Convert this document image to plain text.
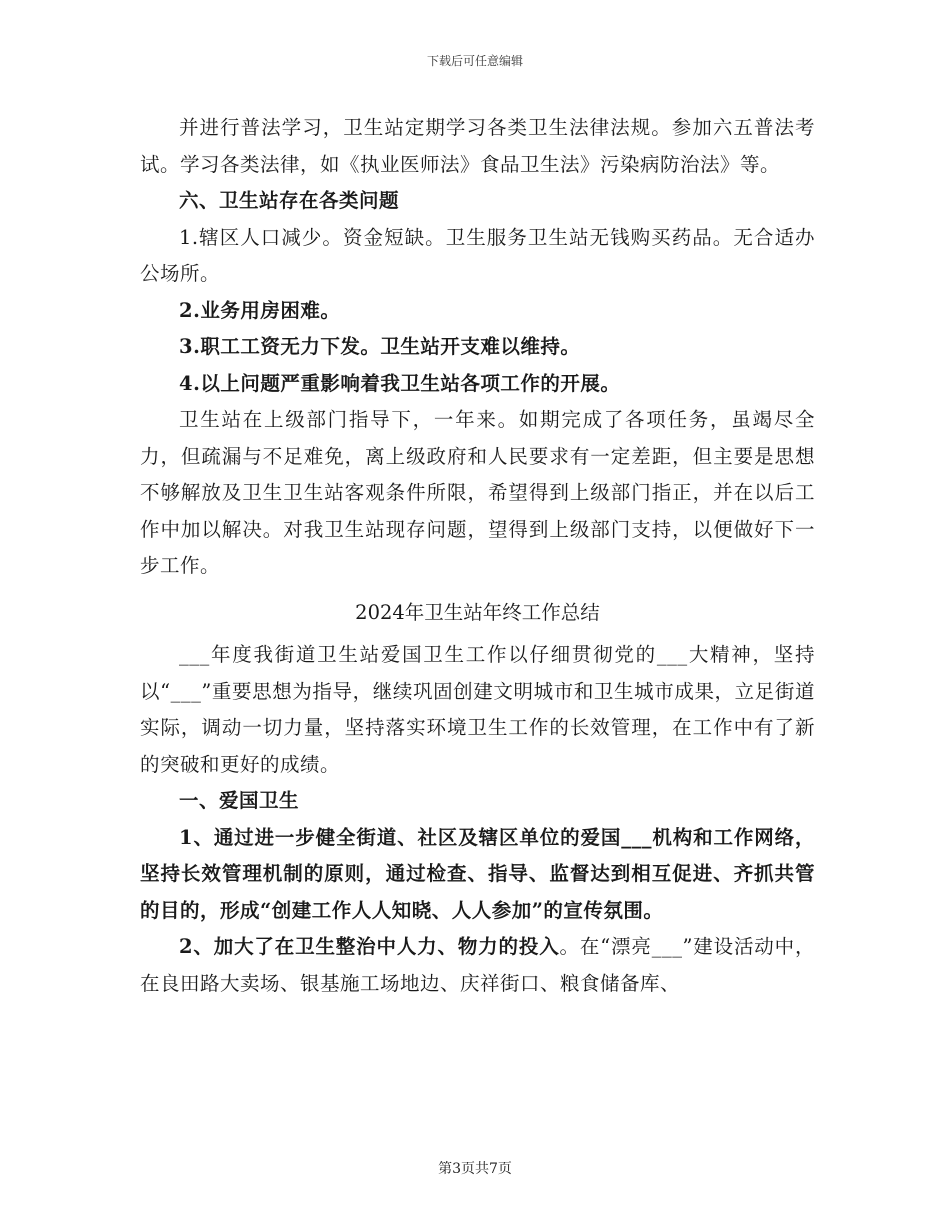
下载后可任意编辑

并进行普法学习，卫生站定期学习各类卫生法律法规。参加六五普法考试。学习各类法律，如《执业医师法》食品卫生法》污染病防治法》等。

六、卫生站存在各类问题

1.辖区人口减少。资金短缺。卫生服务卫生站无钱购买药品。无合适办公场所。

2.业务用房困难。

3.职工工资无力下发。卫生站开支难以维持。

4.以上问题严重影响着我卫生站各项工作的开展。

卫生站在上级部门指导下，一年来。如期完成了各项任务，虽竭尽全力，但疏漏与不足难免，离上级政府和人民要求有一定差距，但主要是思想不够解放及卫生卫生站客观条件所限，希望得到上级部门指正，并在以后工作中加以解决。对我卫生站现存问题，望得到上级部门支持，以便做好下一步工作。

2024年卫生站年终工作总结

___年度我街道卫生站爱国卫生工作以仔细贯彻党的___大精神，坚持以“___”重要思想为指导，继续巩固创建文明城市和卫生城市成果，立足街道实际，调动一切力量，坚持落实环境卫生工作的长效管理，在工作中有了新的突破和更好的成绩。

一、爱国卫生

1、通过进一步健全街道、社区及辖区单位的爱国___机构和工作网络，坚持长效管理机制的原则，通过检查、指导、监督达到相互促进、齐抓共管的目的，形成“创建工作人人知晓、人人参加”的宣传氛围。

2、加大了在卫生整治中人力、物力的投入。在“漂亮___”建设活动中，在良田路大卖场、银基施工场地边、庆祥街口、粮食储备库、

第3页共7页
